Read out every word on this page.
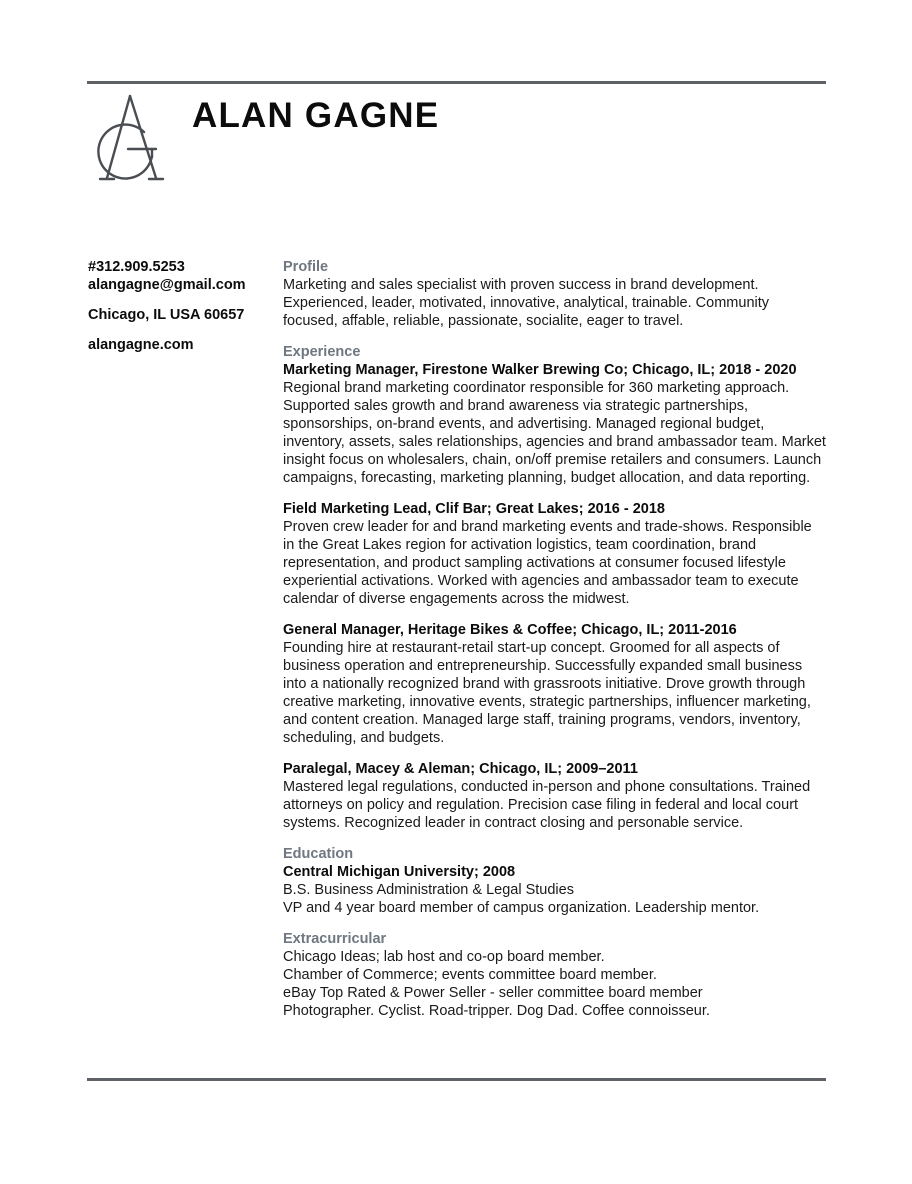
ALAN GAGNE
#312.909.5253
alangagne@gmail.com
Chicago, IL USA 60657
alangagne.com
Profile
Marketing and sales specialist with proven success in brand development.
Experienced, leader, motivated, innovative, analytical, trainable. Community
focused, affable, reliable, passionate, socialite, eager to travel.
Experience
Marketing Manager, Firestone Walker Brewing Co; Chicago, IL; 2018 - 2020
Regional brand marketing coordinator responsible for 360 marketing approach.
Supported sales growth and brand awareness via strategic partnerships,
sponsorships, on-brand events, and advertising. Managed regional budget,
inventory, assets, sales relationships, agencies and brand ambassador team. Market
insight focus on wholesalers, chain, on/off premise retailers and consumers. Launch
campaigns, forecasting, marketing planning, budget allocation, and data reporting.
Field Marketing Lead, Clif Bar; Great Lakes; 2016 - 2018
Proven crew leader for and brand marketing events and trade-shows. Responsible
in the Great Lakes region for activation logistics, team coordination, brand
representation, and product sampling activations at consumer focused lifestyle
experiential activations. Worked with agencies and ambassador team to execute
calendar of diverse engagements across the midwest.
General Manager, Heritage Bikes & Coffee; Chicago, IL; 2011-2016
Founding hire at restaurant-retail start-up concept. Groomed for all aspects of
business operation and entrepreneurship. Successfully expanded small business
into a nationally recognized brand with grassroots initiative. Drove growth through
creative marketing, innovative events, strategic partnerships, influencer marketing,
and content creation. Managed large staff, training programs, vendors, inventory,
scheduling, and budgets.
Paralegal, Macey & Aleman; Chicago, IL; 2009–2011
Mastered legal regulations, conducted in-person and phone consultations. Trained
attorneys on policy and regulation. Precision case filing in federal and local court
systems. Recognized leader in contract closing and personable service.
Education
Central Michigan University; 2008
B.S. Business Administration & Legal Studies
VP and 4 year board member of campus organization. Leadership mentor.
Extracurricular
Chicago Ideas; lab host and co-op board member.
Chamber of Commerce; events committee board member.
eBay Top Rated & Power Seller - seller committee board member
Photographer. Cyclist. Road-tripper. Dog Dad. Coffee connoisseur.
